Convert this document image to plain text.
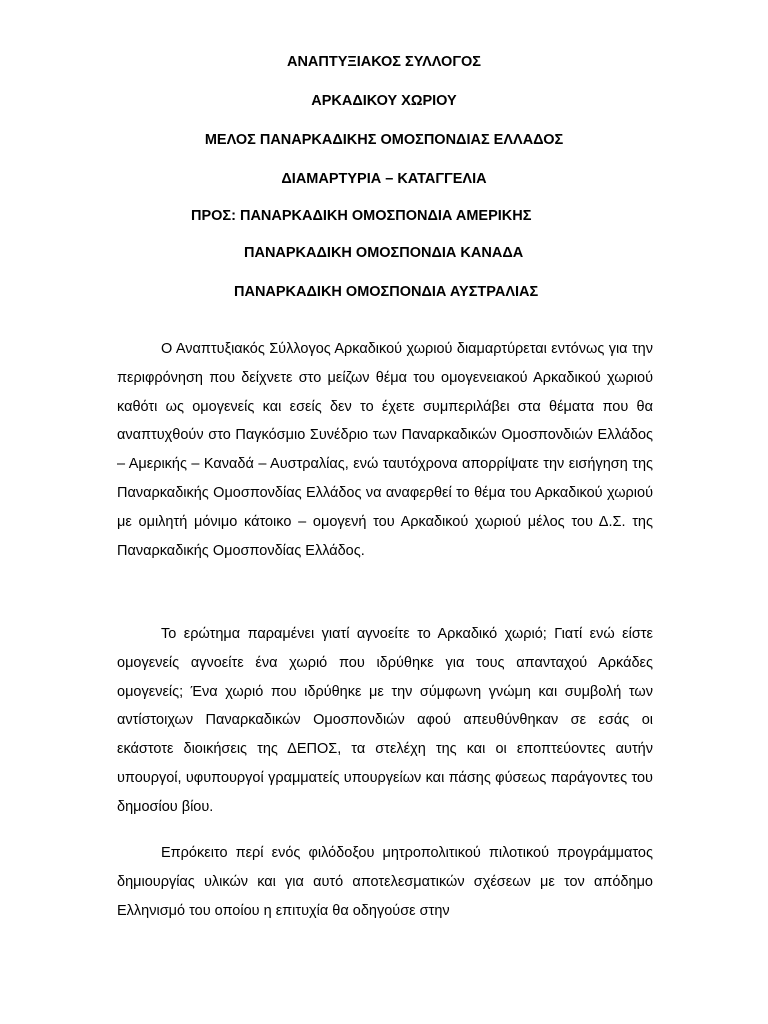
ΑΝΑΠΤΥΞΙΑΚΟΣ ΣΥΛΛΟΓΟΣ
ΑΡΚΑΔΙΚΟΥ ΧΩΡΙΟΥ
ΜΕΛΟΣ ΠΑΝΑΡΚΑΔΙΚΗΣ ΟΜΟΣΠΟΝΔΙΑΣ ΕΛΛΑΔΟΣ
ΔΙΑΜΑΡΤΥΡΙΑ – ΚΑΤΑΓΓΕΛΙΑ
ΠΡΟΣ: ΠΑΝΑΡΚΑΔΙΚΗ ΟΜΟΣΠΟΝΔΙΑ ΑΜΕΡΙΚΗΣ
ΠΑΝΑΡΚΑΔΙΚΗ ΟΜΟΣΠΟΝΔΙΑ ΚΑΝΑΔΑ
ΠΑΝΑΡΚΑΔΙΚΗ ΟΜΟΣΠΟΝΔΙΑ ΑΥΣΤΡΑΛΙΑΣ

Ο Αναπτυξιακός Σύλλογος Αρκαδικού χωριού διαμαρτύρεται εντόνως για την περιφρόνηση που δείχνετε στο μείζων θέμα του ομογενειακού Αρκαδικού χωριού καθότι ως ομογενείς και εσείς δεν το έχετε συμπεριλάβει στα θέματα που θα αναπτυχθούν στο Παγκόσμιο Συνέδριο των Παναρκαδικών Ομοσπονδιών Ελλάδος – Αμερικής – Καναδά – Αυστραλίας, ενώ ταυτόχρονα απορρίψατε την εισήγηση της Παναρκαδικής Ομοσπονδίας Ελλάδος να αναφερθεί το θέμα του Αρκαδικού χωριού με ομιλητή μόνιμο κάτοικο – ομογενή του Αρκαδικού χωριού μέλος του Δ.Σ. της Παναρκαδικής Ομοσπονδίας Ελλάδος.

Το ερώτημα παραμένει γιατί αγνοείτε το Αρκαδικό χωριό; Γιατί ενώ είστε ομογενείς αγνοείτε ένα χωριό που ιδρύθηκε για τους απανταχού Αρκάδες ομογενείς; Ένα χωριό που ιδρύθηκε με την σύμφωνη γνώμη και συμβολή των αντίστοιχων Παναρκαδικών Ομοσπονδιών αφού απευθύνθηκαν σε εσάς οι εκάστοτε διοικήσεις της ΔΕΠΟΣ, τα στελέχη της και οι εποπτεύοντες αυτήν υπουργοί, υφυπουργοί γραμματείς υπουργείων και πάσης φύσεως παράγοντες του δημοσίου βίου.

Επρόκειτο περί ενός φιλόδοξου μητροπολιτικού πιλοτικού προγράμματος δημιουργίας υλικών και για αυτό αποτελεσματικών σχέσεων με τον απόδημο Ελληνισμό του οποίου η επιτυχία θα οδηγούσε στην
